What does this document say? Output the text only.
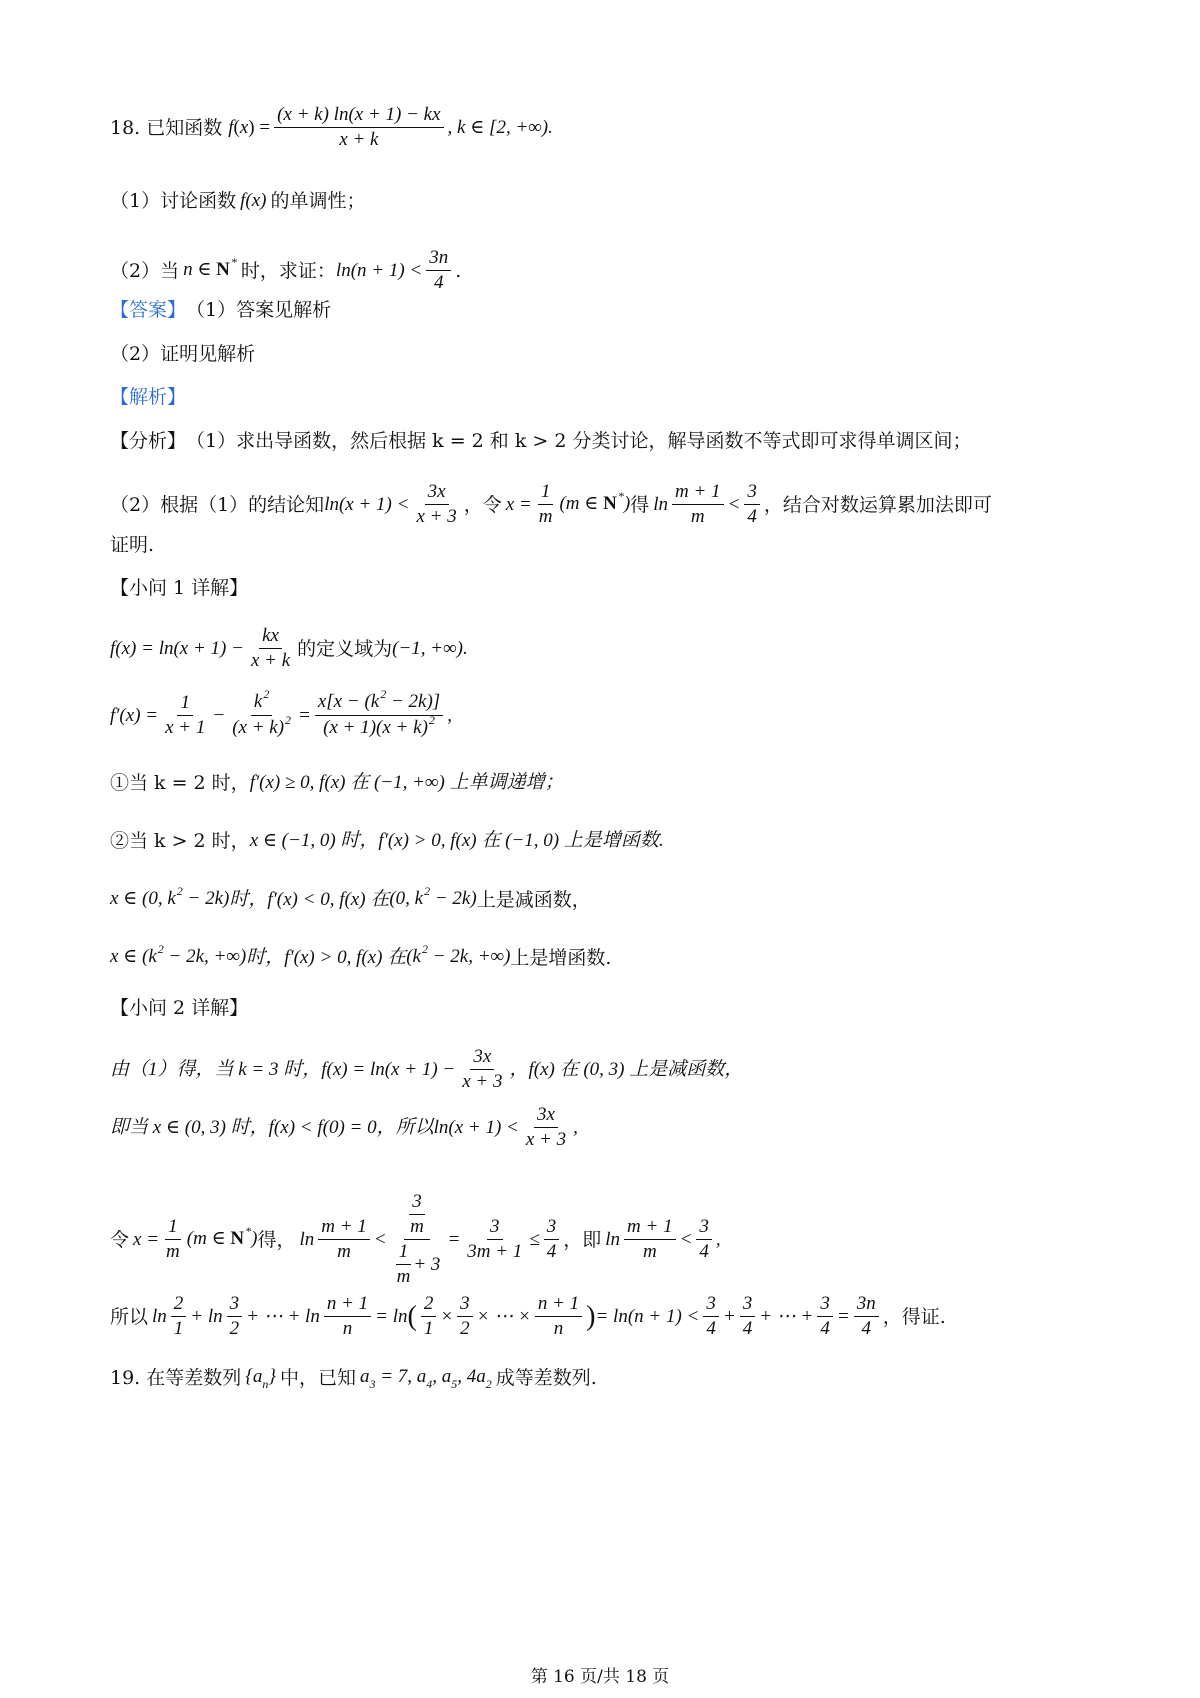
18. 已知函数 f ( x ) = $\frac{(x + k) \ln(x + 1) - kx}{x + k}$ , k ∈ [2, +∞).
（1）讨论函数 f(x) 的单调性；
（2）当 n ∈ N* 时，求证： $\ln(n + 1) < \frac{3n}{4}$ .
【答案】 （1）答案见解析
（2）证明见解析
【解析】
【分析】 （1）求出导函数，然后根据 k = 2 和 k > 2 分类讨论，解导函数不等式即可求得单调区间；
（2）根据（1）的结论知 $\ln(x + 1) < \frac{3x}{x + 3}$ ，令 $x = \frac{1}{m} (m$ ∈ N*) 得 $\ln \frac{m + 1}{m} < \frac{3}{4}$ ，结合对数运算累加法即可
证明.
【小问 1 详解】
$f(x) = \ln(x + 1) - \frac{kx}{x + k}$ 的定义域为 (−1, +∞).
$f'(x) = \frac{1}{x + 1} - \frac{k^2}{(x + k)^2} = \frac{x[x - (k^2 - 2k)]}{(x + 1)(x + k)^2}$ ,
①当 k = 2 时， f′(x) ≥ 0, f(x) 在 (−1, +∞) 上单调递增；
②当 k > 2 时， x ∈ (−1, 0) 时，f′(x) > 0, f(x) 在 (−1, 0) 上是增函数.
x ∈ (0, $k^2 - 2k$) 时，f′(x) < 0, f(x) 在 (0, $k^2 - 2k$) 上是减函数，
x ∈ ($k^2 - 2k$, +∞) 时，f′(x) > 0, f(x) 在 ($k^2 - 2k$, +∞) 上是增函数.
【小问 2 详解】
由（1）得，当 k = 3 时， $f(x) = \ln(x + 1) - \frac{3x}{x + 3}$ ，f(x) 在 (0, 3) 上是减函数，
即当 x ∈ (0, 3) 时，f(x) < f(0) = 0，所以 $\ln(x + 1) < \frac{3x}{x + 3}$ ,
令 $x = \frac{1}{m} (m$ ∈ N*) 得， $\ln \frac{m + 1}{m} < \frac{\frac{3}{m}}{\frac{1}{m} + 3} = \frac{3}{3m + 1} \le \frac{3}{4}$ ，即 $\ln \frac{m + 1}{m} < \frac{3}{4}$ ,
所以 $\ln \frac{2}{1} + \ln \frac{3}{2}$ + ⋯ + $\ln \frac{n + 1}{n} = \ln$ ( $\frac{2}{1} \times \frac{3}{2}$ × ⋯ × $\frac{n + 1}{n}$ ) = $\ln(n + 1) < \frac{3}{4} + \frac{3}{4}$ + ⋯ + $\frac{3}{4} = \frac{3n}{4}$ ，得证.
19. 在等差数列 $\{a_n\}$ 中，已知 $a_3 = 7$, $a_4$, $a_5$, $4a_2$ 成等差数列.
第 16 页/共 18 页
